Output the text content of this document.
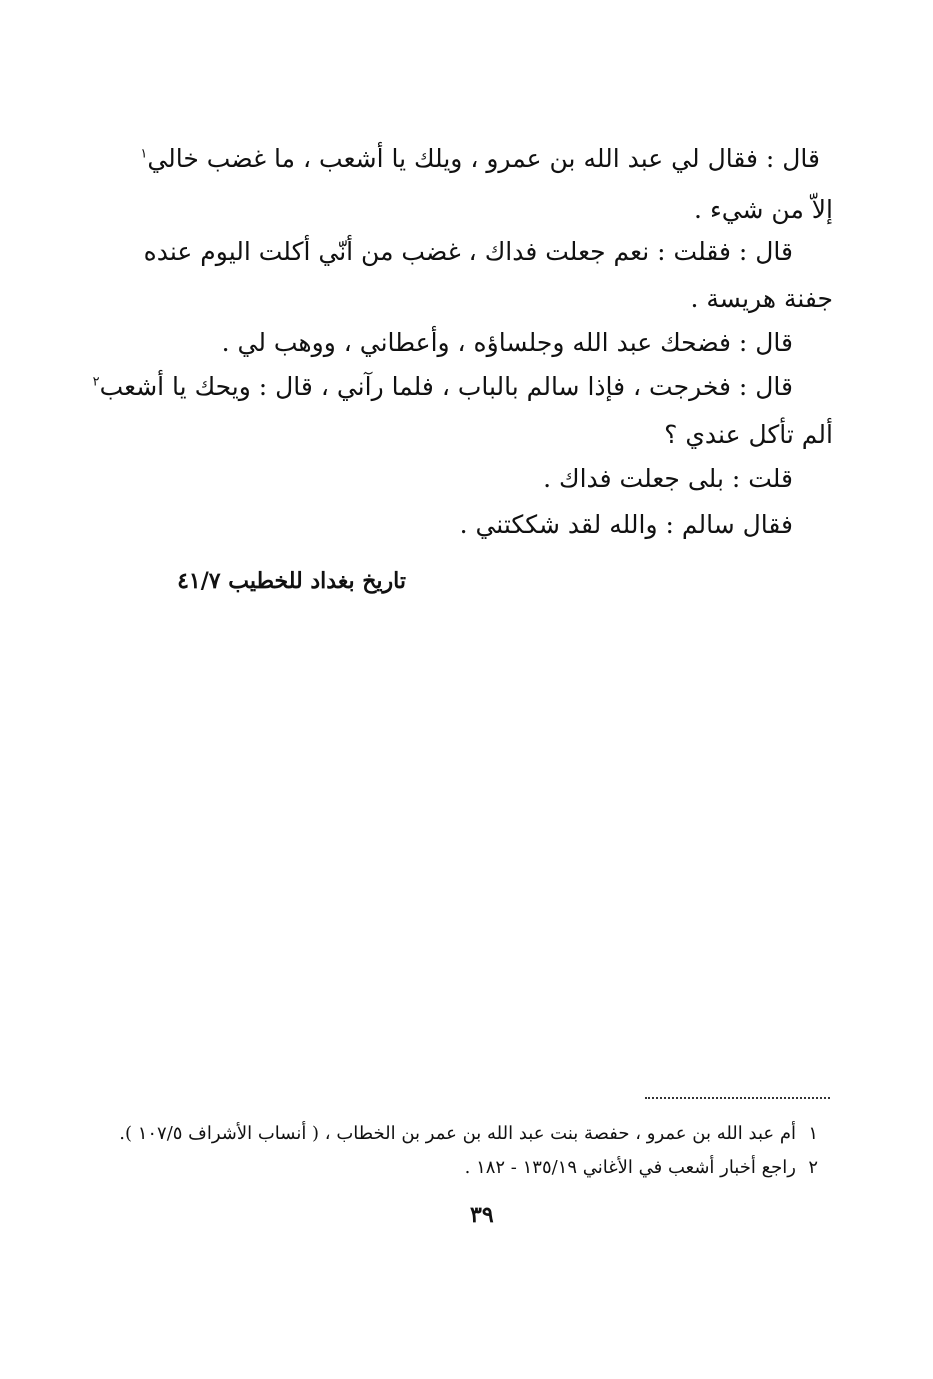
قال : فقال لي عبد الله بن عمرو ، ويلك يا أشعب ، ما غضب خالي$^١$

إلاّ من شيء .

قال : فقلت : نعم جعلت فداك ، غضب من أنّي أكلت اليوم عنده

جفنة هريسة .

قال : فضحك عبد الله وجلساؤه ، وأعطاني ، ووهب لي .

قال : فخرجت ، فإذا سالم بالباب ، فلما رآني ، قال : ويحك يا أشعب$^٢$

ألم تأكل عندي ؟

قلت : بلى جعلت فداك .

فقال سالم : والله لقد شككتني .

تاريخ بغداد للخطيب ٤١/٧
١أم عبد الله بن عمرو ، حفصة بنت عبد الله بن عمر بن الخطاب ، ( أنساب الأشراف ١٠٧/٥ ).
٢راجع أخبار أشعب في الأغاني ١٣٥/١٩ - ١٨٢ .
٣٩
